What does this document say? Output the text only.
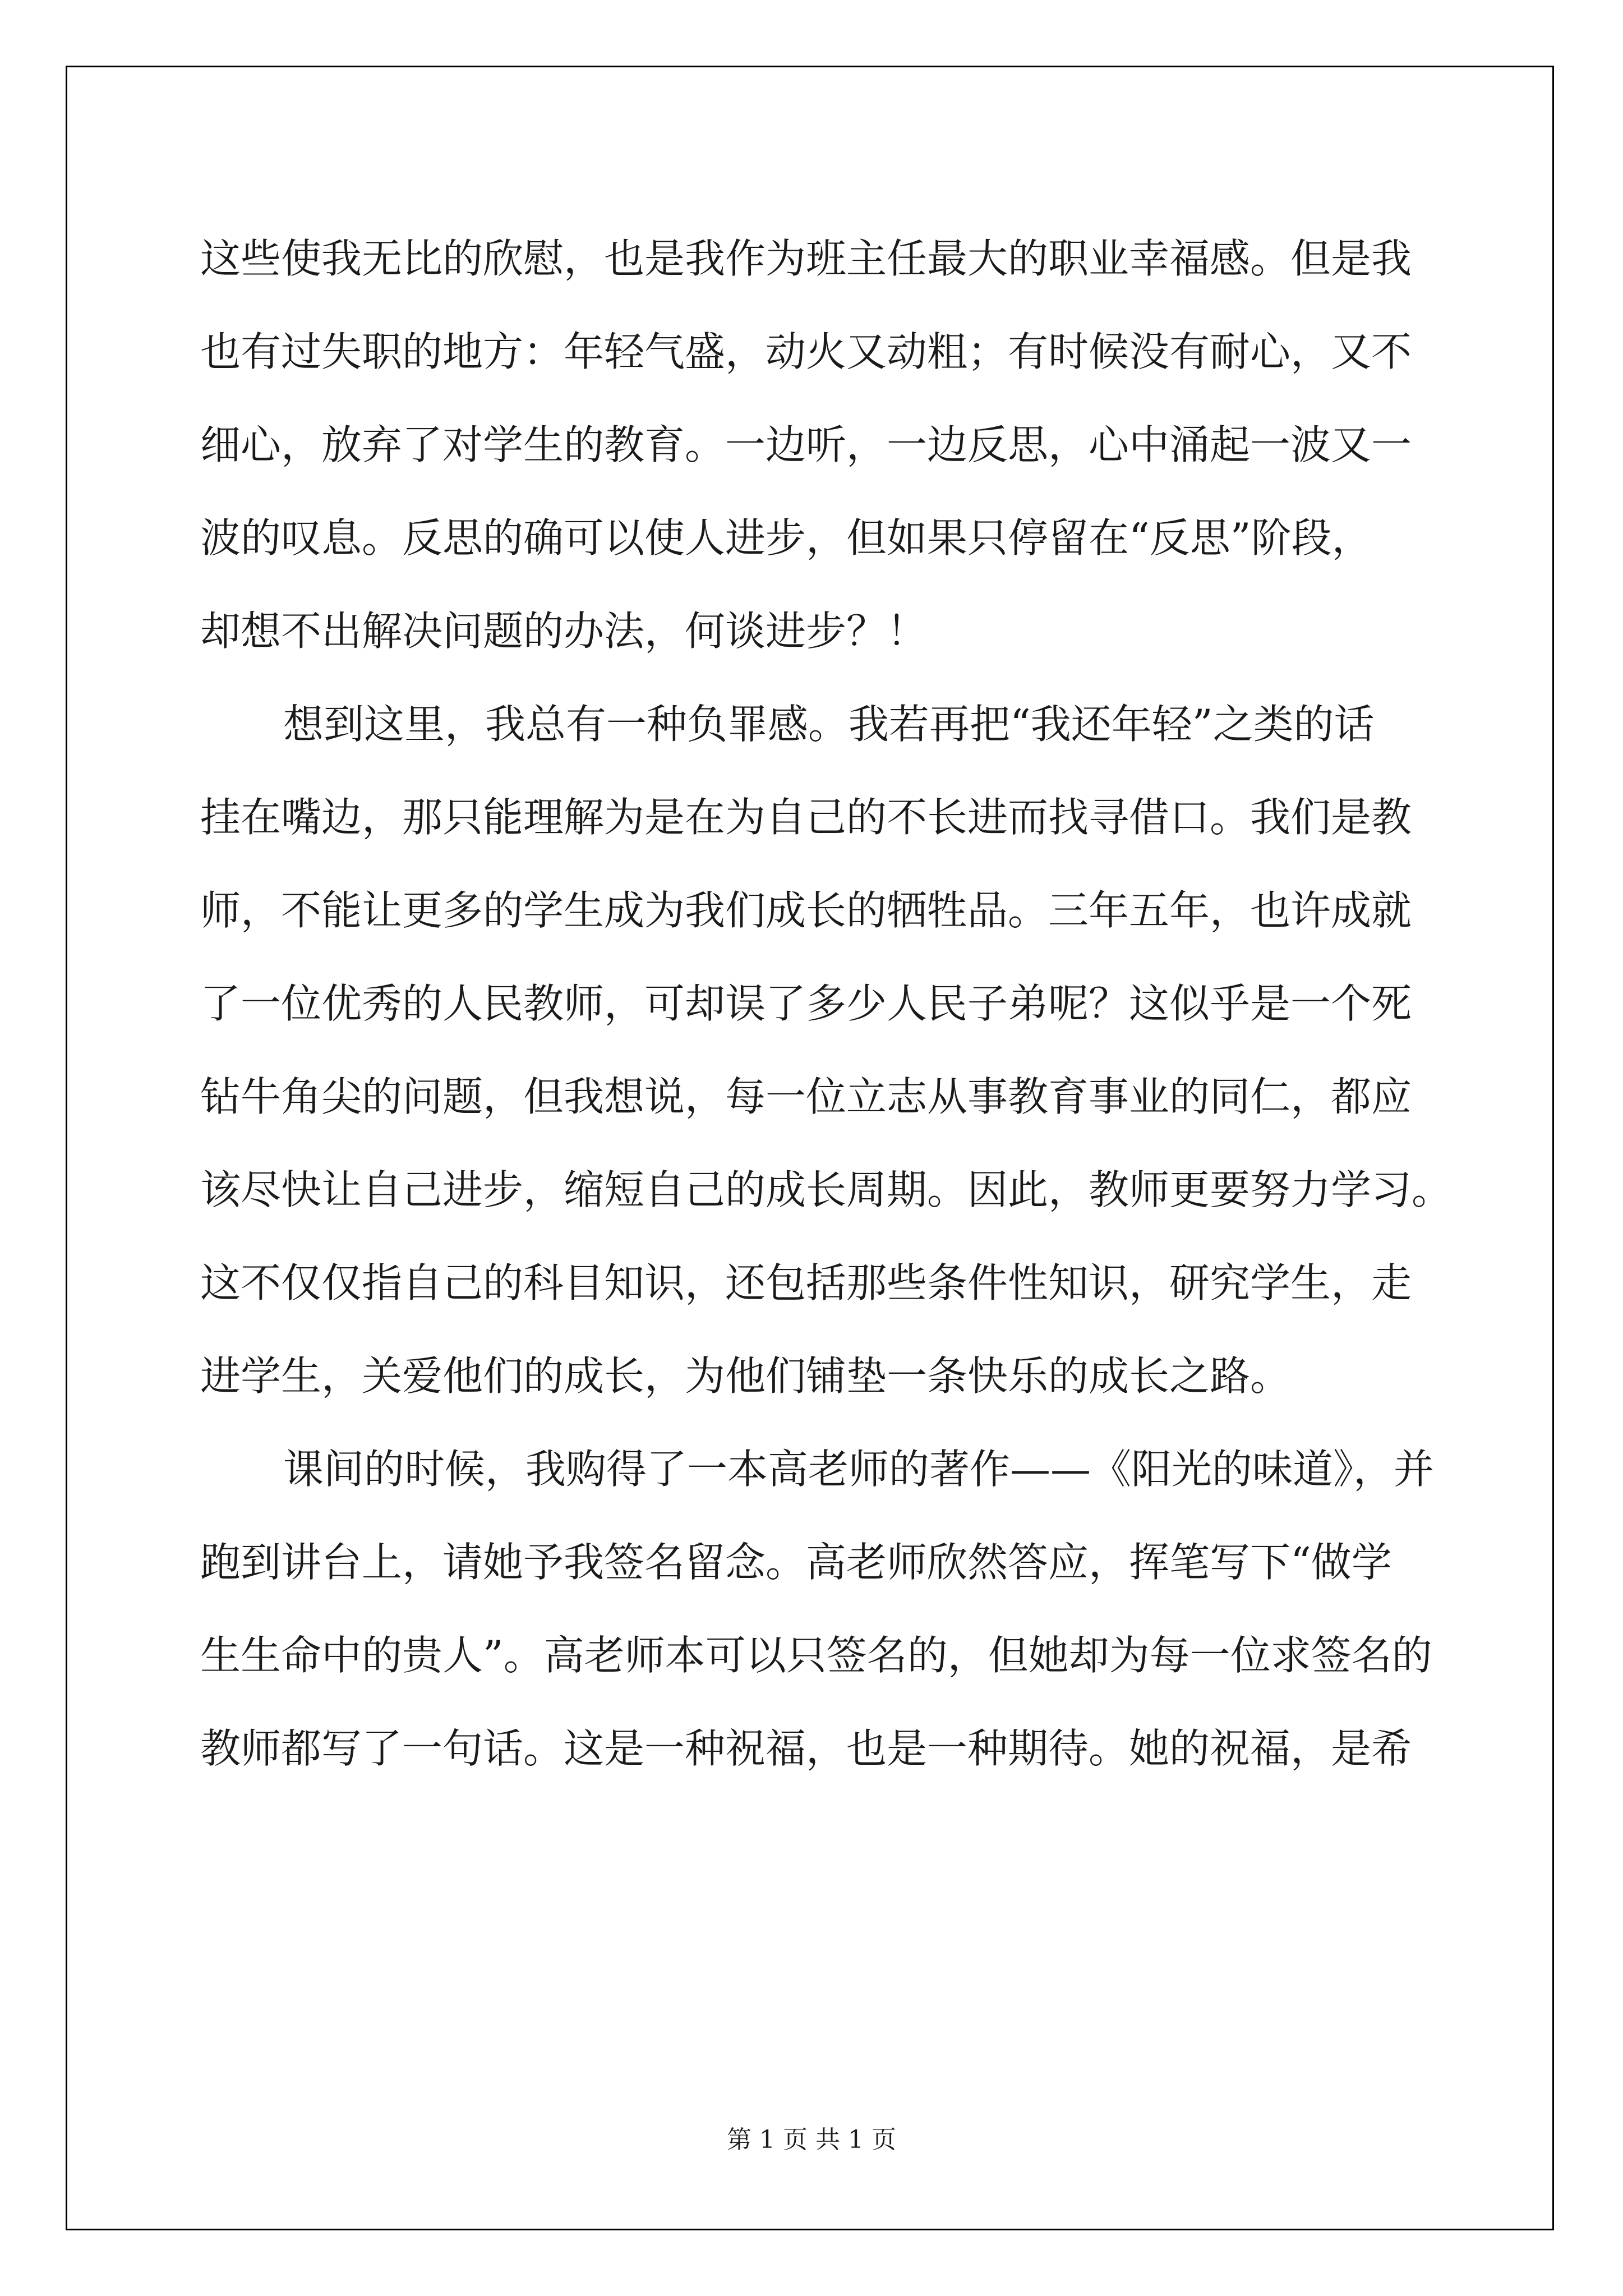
这些使我无比的欣慰，也是我作为班主任最大的职业幸福感。但是我
也有过失职的地方：年轻气盛，动火又动粗；有时候没有耐心，又不
细心，放弃了对学生的教育。一边听，一边反思，心中涌起一波又一
波的叹息。反思的确可以使人进步，但如果只停留在“反思”阶段，
却想不出解决问题的办法，何谈进步？！
想到这里，我总有一种负罪感。我若再把“我还年轻”之类的话
挂在嘴边，那只能理解为是在为自己的不长进而找寻借口。我们是教
师，不能让更多的学生成为我们成长的牺牲品。三年五年，也许成就
了一位优秀的人民教师，可却误了多少人民子弟呢？这似乎是一个死
钻牛角尖的问题，但我想说，每一位立志从事教育事业的同仁，都应
该尽快让自己进步，缩短自己的成长周期。因此，教师更要努力学习。
这不仅仅指自己的科目知识，还包括那些条件性知识，研究学生，走
进学生，关爱他们的成长，为他们铺垫一条快乐的成长之路。
课间的时候，我购得了一本高老师的著作——《阳光的味道》，并
跑到讲台上，请她予我签名留念。高老师欣然答应，挥笔写下“做学
生生命中的贵人”。高老师本可以只签名的，但她却为每一位求签名的
教师都写了一句话。这是一种祝福，也是一种期待。她的祝福，是希
第 1 页 共 1 页
